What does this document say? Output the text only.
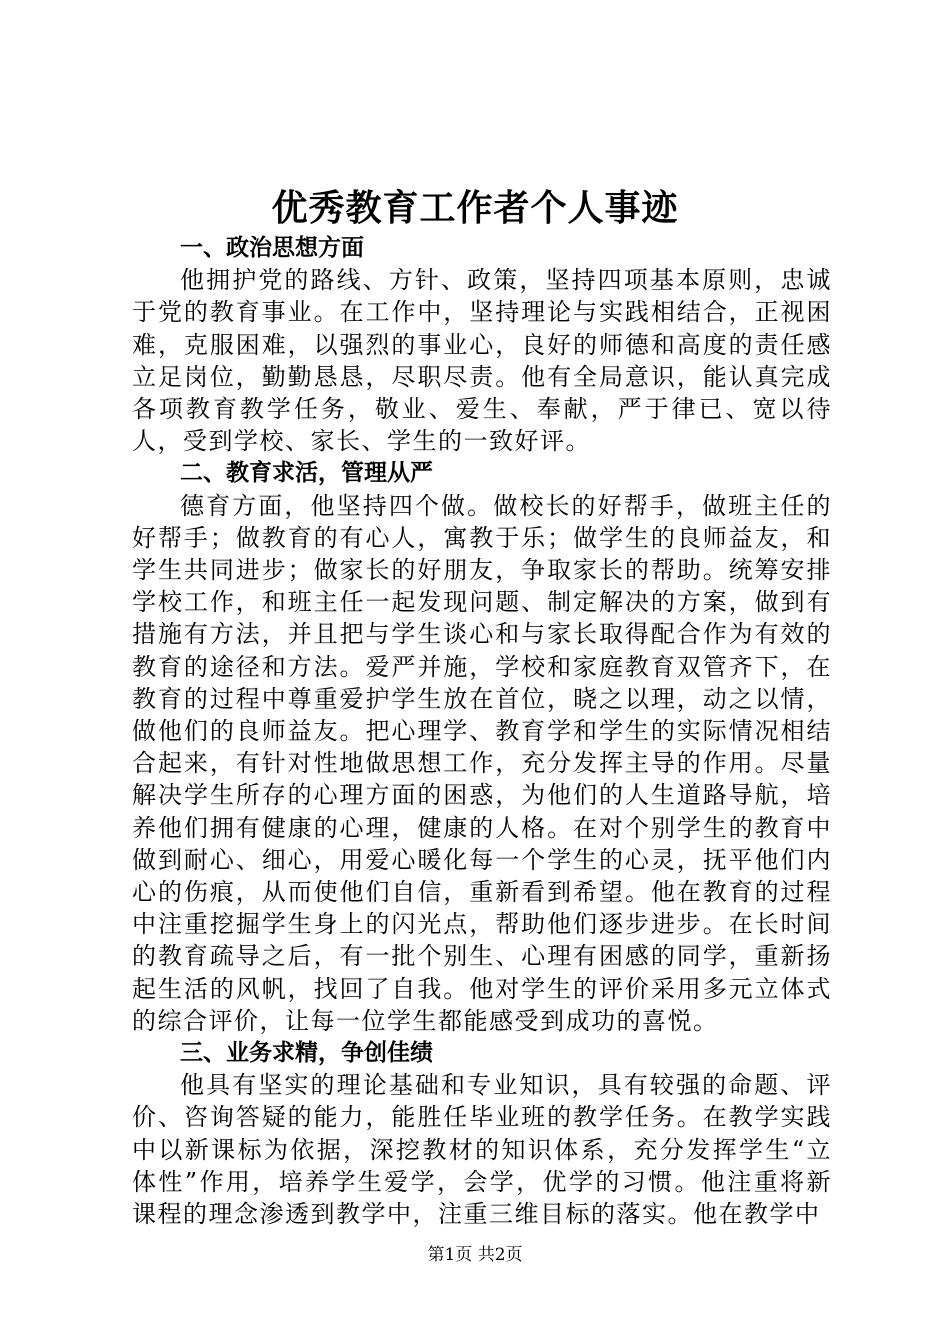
优秀教育工作者个人事迹

一、政治思想方面

他拥护党的路线、方针、政策，坚持四项基本原则，忠诚于党的教育事业。在工作中，坚持理论与实践相结合，正视困难，克服困难，以强烈的事业心，良好的师德和高度的责任感立足岗位，勤勤恳恳，尽职尽责。他有全局意识，能认真完成各项教育教学任务，敬业、爱生、奉献，严于律已、宽以待人，受到学校、家长、学生的一致好评。

二、教育求活，管理从严

德育方面，他坚持四个做。做校长的好帮手，做班主任的好帮手；做教育的有心人，寓教于乐；做学生的良师益友，和学生共同进步；做家长的好朋友，争取家长的帮助。统筹安排学校工作，和班主任一起发现问题、制定解决的方案，做到有措施有方法，并且把与学生谈心和与家长取得配合作为有效的教育的途径和方法。爱严并施，学校和家庭教育双管齐下，在教育的过程中尊重爱护学生放在首位，晓之以理，动之以情，做他们的良师益友。把心理学、教育学和学生的实际情况相结合起来，有针对性地做思想工作，充分发挥主导的作用。尽量解决学生所存的心理方面的困惑，为他们的人生道路导航，培养他们拥有健康的心理，健康的人格。在对个别学生的教育中做到耐心、细心，用爱心暖化每一个学生的心灵，抚平他们内心的伤痕，从而使他们自信，重新看到希望。他在教育的过程中注重挖掘学生身上的闪光点，帮助他们逐步进步。在长时间的教育疏导之后，有一批个别生、心理有困感的同学，重新扬起生活的风帆，找回了自我。他对学生的评价采用多元立体式的综合评价，让每一位学生都能感受到成功的喜悦。

三、业务求精，争创佳绩

他具有坚实的理论基础和专业知识，具有较强的命题、评价、咨询答疑的能力，能胜任毕业班的教学任务。在教学实践中以新课标为依据，深挖教材的知识体系，充分发挥学生“立体性”作用，培养学生爱学，会学，优学的习惯。他注重将新课程的理念渗透到教学中，注重三维目标的落实。他在教学中

第1页 共2页
